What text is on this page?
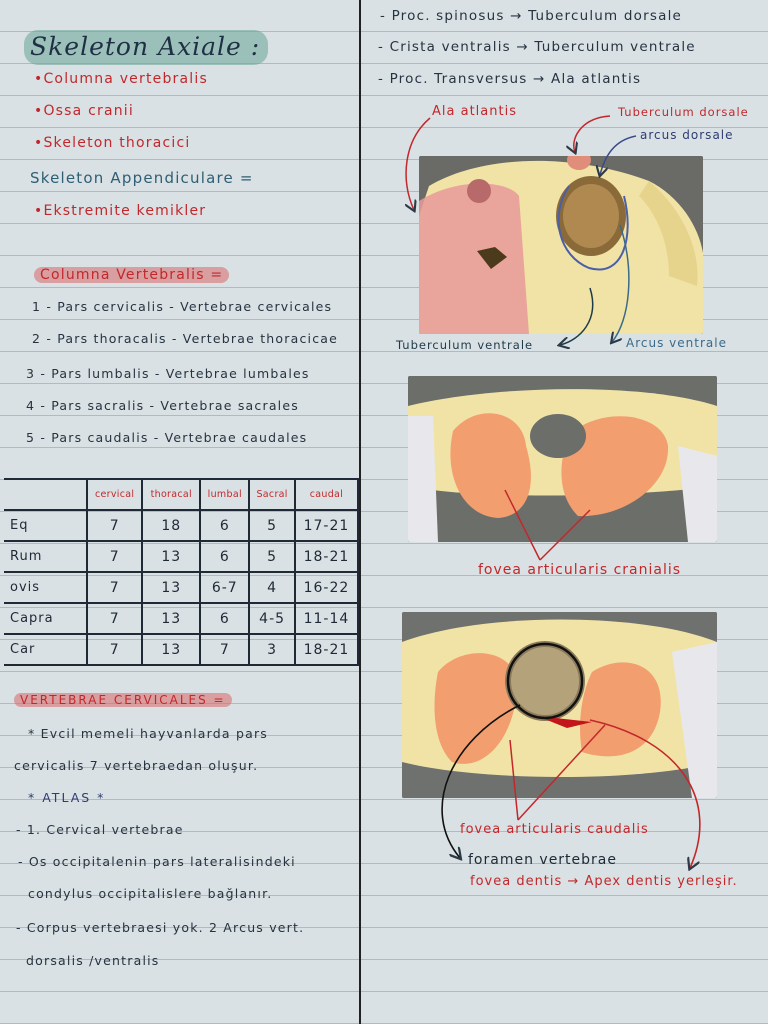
Skeleton Axiale :
•Columna vertebralis
•Ossa cranii
•Skeleton thoracici
Skeleton Appendiculare =
•Ekstremite kemikler
Columna Vertebralis =
1 - Pars cervicalis - Vertebrae cervicales
2 - Pars thoracalis - Vertebrae thoracicae
3 - Pars lumbalis - Vertebrae lumbales
4 - Pars sacralis - Vertebrae sacrales
5 - Pars caudalis - Vertebrae caudales
	cervical	thoracal	lumbal	Sacral	caudal
Eq	7	18	6	5	17-21
Rum	7	13	6	5	18-21
ovis	7	13	6-7	4	16-22
Capra	7	13	6	4-5	11-14
Car	7	13	7	3	18-21
VERTEBRAE CERVICALES =
* Evcil memeli hayvanlarda pars
cervicalis 7 vertebraedan oluşur.
* ATLAS *
- 1. Cervical vertebrae
- Os occipitalenin pars lateralisindeki
condylus occipitalislere bağlanır.
- Corpus vertebraesi yok. 2 Arcus vert.
dorsalis /ventralis
- Proc. spinosus → Tuberculum dorsale
- Crista ventralis → Tuberculum ventrale
- Proc. Transversus → Ala atlantis
Ala atlantis	Tuberculum dorsale
arcus dorsale
Tuberculum ventrale	Arcus ventrale
fovea articularis cranialis
fovea articularis caudalis
foramen vertebrae
fovea dentis → Apex dentis yerleşir.
